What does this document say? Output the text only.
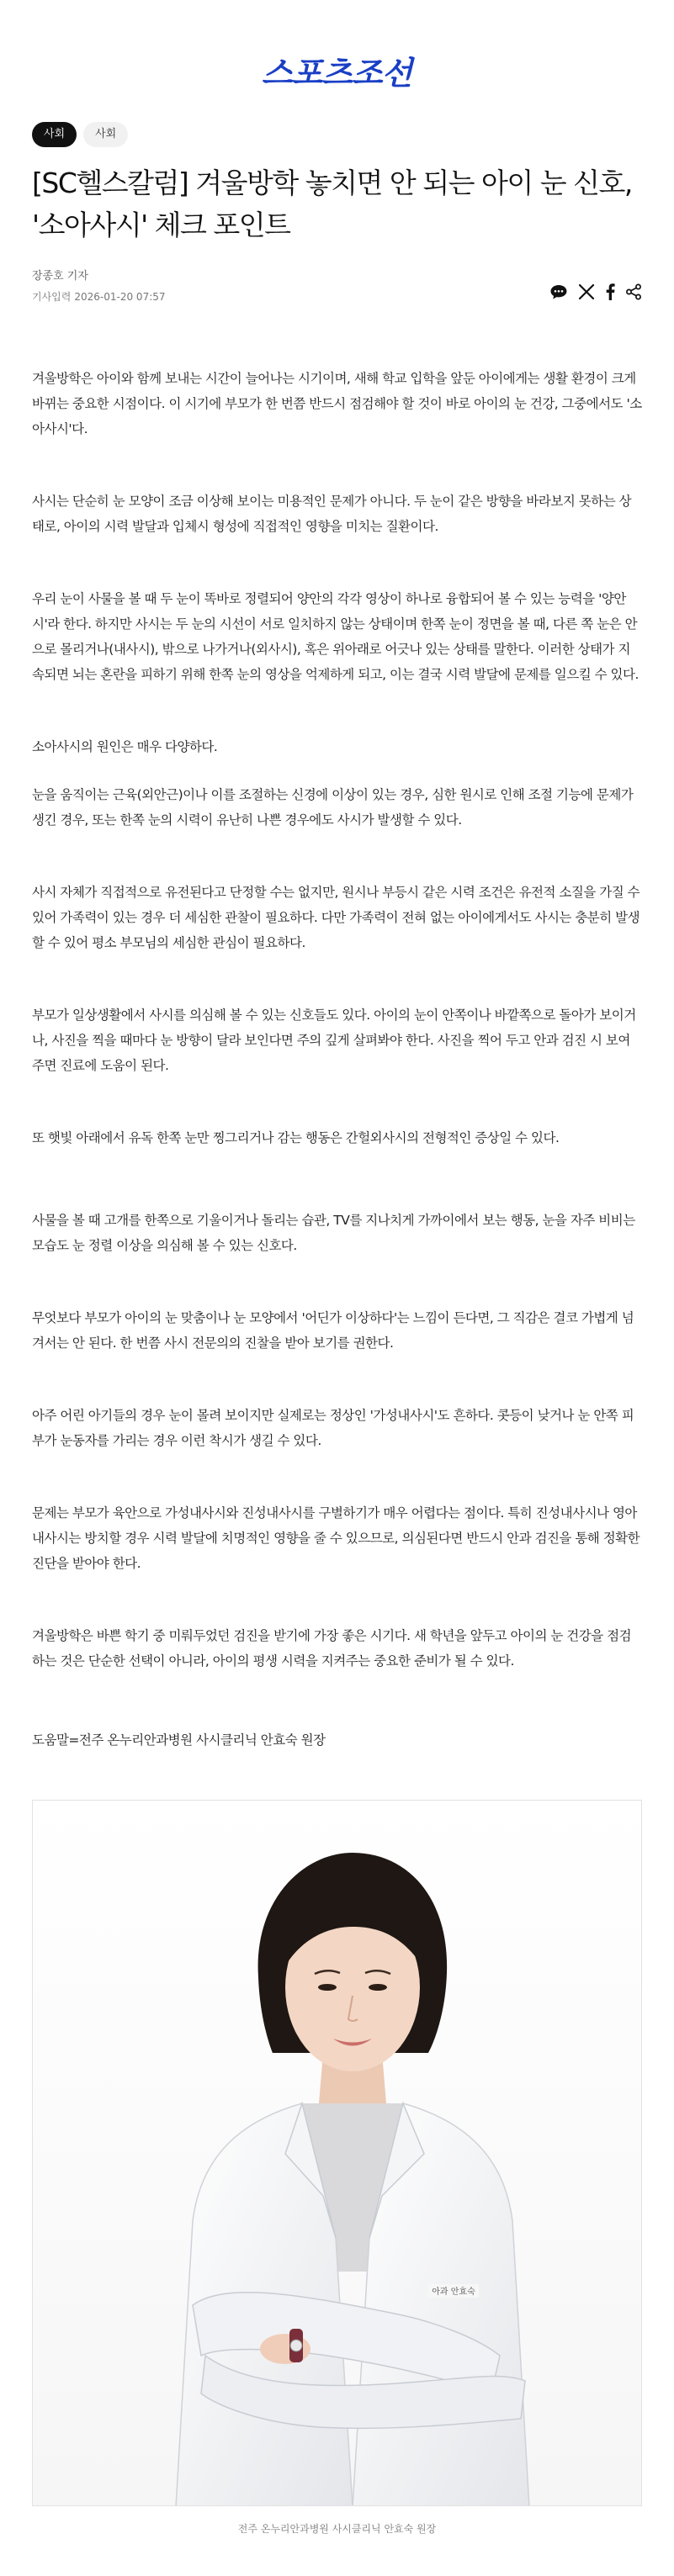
스포츠조선
사회	사회
[SC헬스칼럼] 겨울방학 놓치면 안 되는 아이 눈 신호, '소아사시' 체크 포인트
장종호 기자
기사입력 2026-01-20 07:57

겨울방학은 아이와 함께 보내는 시간이 늘어나는 시기이며, 새해 학교 입학을 앞둔 아이에게는 생활 환경이 크게 바뀌는 중요한 시점이다. 이 시기에 부모가 한 번쯤 반드시 점검해야 할 것이 바로 아이의 눈 건강, 그중에서도 '소아사시'다.

사시는 단순히 눈 모양이 조금 이상해 보이는 미용적인 문제가 아니다. 두 눈이 같은 방향을 바라보지 못하는 상태로, 아이의 시력 발달과 입체시 형성에 직접적인 영향을 미치는 질환이다.

우리 눈이 사물을 볼 때 두 눈이 똑바로 정렬되어 양안의 각각 영상이 하나로 융합되어 볼 수 있는 능력을 '양안시'라 한다. 하지만 사시는 두 눈의 시선이 서로 일치하지 않는 상태이며 한쪽 눈이 정면을 볼 때, 다른 쪽 눈은 안으로 몰리거나(내사시), 밖으로 나가거나(외사시), 혹은 위아래로 어긋나 있는 상태를 말한다. 이러한 상태가 지속되면 뇌는 혼란을 피하기 위해 한쪽 눈의 영상을 억제하게 되고, 이는 결국 시력 발달에 문제를 일으킬 수 있다.

소아사시의 원인은 매우 다양하다.

눈을 움직이는 근육(외안근)이나 이를 조절하는 신경에 이상이 있는 경우, 심한 원시로 인해 조절 기능에 문제가 생긴 경우, 또는 한쪽 눈의 시력이 유난히 나쁜 경우에도 사시가 발생할 수 있다.

사시 자체가 직접적으로 유전된다고 단정할 수는 없지만, 원시나 부등시 같은 시력 조건은 유전적 소질을 가질 수 있어 가족력이 있는 경우 더 세심한 관찰이 필요하다. 다만 가족력이 전혀 없는 아이에게서도 사시는 충분히 발생할 수 있어 평소 부모님의 세심한 관심이 필요하다.

부모가 일상생활에서 사시를 의심해 볼 수 있는 신호들도 있다. 아이의 눈이 안쪽이나 바깥쪽으로 돌아가 보이거나, 사진을 찍을 때마다 눈 방향이 달라 보인다면 주의 깊게 살펴봐야 한다. 사진을 찍어 두고 안과 검진 시 보여주면 진료에 도움이 된다.

또 햇빛 아래에서 유독 한쪽 눈만 찡그리거나 감는 행동은 간헐외사시의 전형적인 증상일 수 있다.

사물을 볼 때 고개를 한쪽으로 기울이거나 돌리는 습관, TV를 지나치게 가까이에서 보는 행동, 눈을 자주 비비는 모습도 눈 정렬 이상을 의심해 볼 수 있는 신호다.

무엇보다 부모가 아이의 눈 맞춤이나 눈 모양에서 '어딘가 이상하다'는 느낌이 든다면, 그 직감은 결코 가볍게 넘겨서는 안 된다. 한 번쯤 사시 전문의의 진찰을 받아 보기를 권한다.

아주 어린 아기들의 경우 눈이 몰려 보이지만 실제로는 정상인 '가성내사시'도 흔하다. 콧등이 낮거나 눈 안쪽 피부가 눈동자를 가리는 경우 이런 착시가 생길 수 있다.

문제는 부모가 육안으로 가성내사시와 진성내사시를 구별하기가 매우 어렵다는 점이다. 특히 진성내사시나 영아내사시는 방치할 경우 시력 발달에 치명적인 영향을 줄 수 있으므로, 의심된다면 반드시 안과 검진을 통해 정확한 진단을 받아야 한다.

겨울방학은 바쁜 학기 중 미뤄두었던 검진을 받기에 가장 좋은 시기다. 새 학년을 앞두고 아이의 눈 건강을 점검하는 것은 단순한 선택이 아니라, 아이의 평생 시력을 지켜주는 중요한 준비가 될 수 있다.

도움말=전주 온누리안과병원 사시클리닉 안효숙 원장

아과 안효숙
전주 온누리안과병원 사시클리닉 안효숙 원장
